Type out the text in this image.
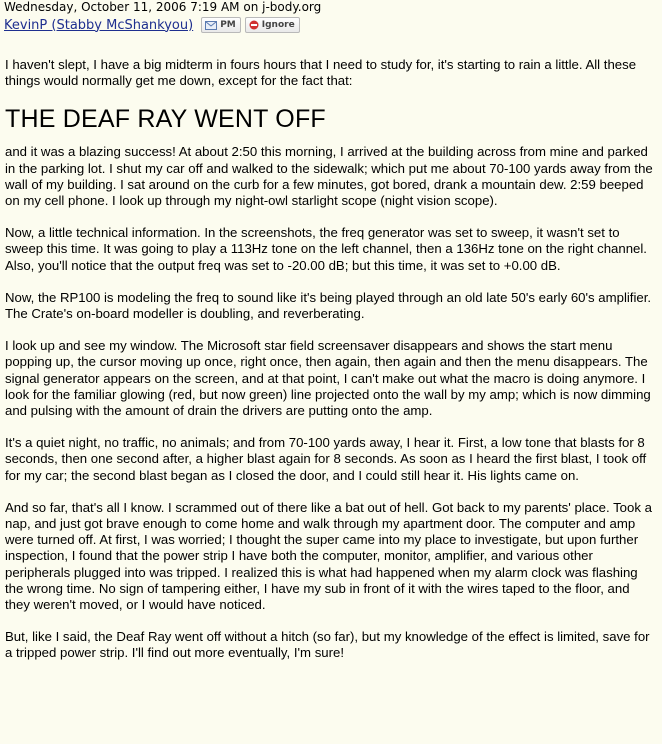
Wednesday, October 11, 2006 7:19 AM on j-body.org
KevinP (Stabby McShankyou)	PM	Ignore

I haven't slept, I have a big midterm in fours hours that I need to study for, it's starting to rain a little. All these things would normally get me down, except for the fact that:

THE DEAF RAY WENT OFF

and it was a blazing success! At about 2:50 this morning, I arrived at the building across from mine and parked in the parking lot. I shut my car off and walked to the sidewalk; which put me about 70-100 yards away from the wall of my building. I sat around on the curb for a few minutes, got bored, drank a mountain dew. 2:59 beeped on my cell phone. I look up through my night-owl starlight scope (night vision scope).

Now, a little technical information. In the screenshots, the freq generator was set to sweep, it wasn't set to sweep this time. It was going to play a 113Hz tone on the left channel, then a 136Hz tone on the right channel. Also, you'll notice that the output freq was set to -20.00 dB; but this time, it was set to +0.00 dB.

Now, the RP100 is modeling the freq to sound like it's being played through an old late 50's early 60's amplifier. The Crate's on-board modeller is doubling, and reverberating.

I look up and see my window. The Microsoft star field screensaver disappears and shows the start menu popping up, the cursor moving up once, right once, then again, then again and then the menu disappears. The signal generator appears on the screen, and at that point, I can't make out what the macro is doing anymore. I look for the familiar glowing (red, but now green) line projected onto the wall by my amp; which is now dimming and pulsing with the amount of drain the drivers are putting onto the amp.

It's a quiet night, no traffic, no animals; and from 70-100 yards away, I hear it. First, a low tone that blasts for 8 seconds, then one second after, a higher blast again for 8 seconds. As soon as I heard the first blast, I took off for my car; the second blast began as I closed the door, and I could still hear it. His lights came on.

And so far, that's all I know. I scrammed out of there like a bat out of hell. Got back to my parents' place. Took a nap, and just got brave enough to come home and walk through my apartment door. The computer and amp were turned off. At first, I was worried; I thought the super came into my place to investigate, but upon further inspection, I found that the power strip I have both the computer, monitor, amplifier, and various other peripherals plugged into was tripped. I realized this is what had happened when my alarm clock was flashing the wrong time. No sign of tampering either, I have my sub in front of it with the wires taped to the floor, and they weren't moved, or I would have noticed.

But, like I said, the Deaf Ray went off without a hitch (so far), but my knowledge of the effect is limited, save for a tripped power strip. I'll find out more eventually, I'm sure!
